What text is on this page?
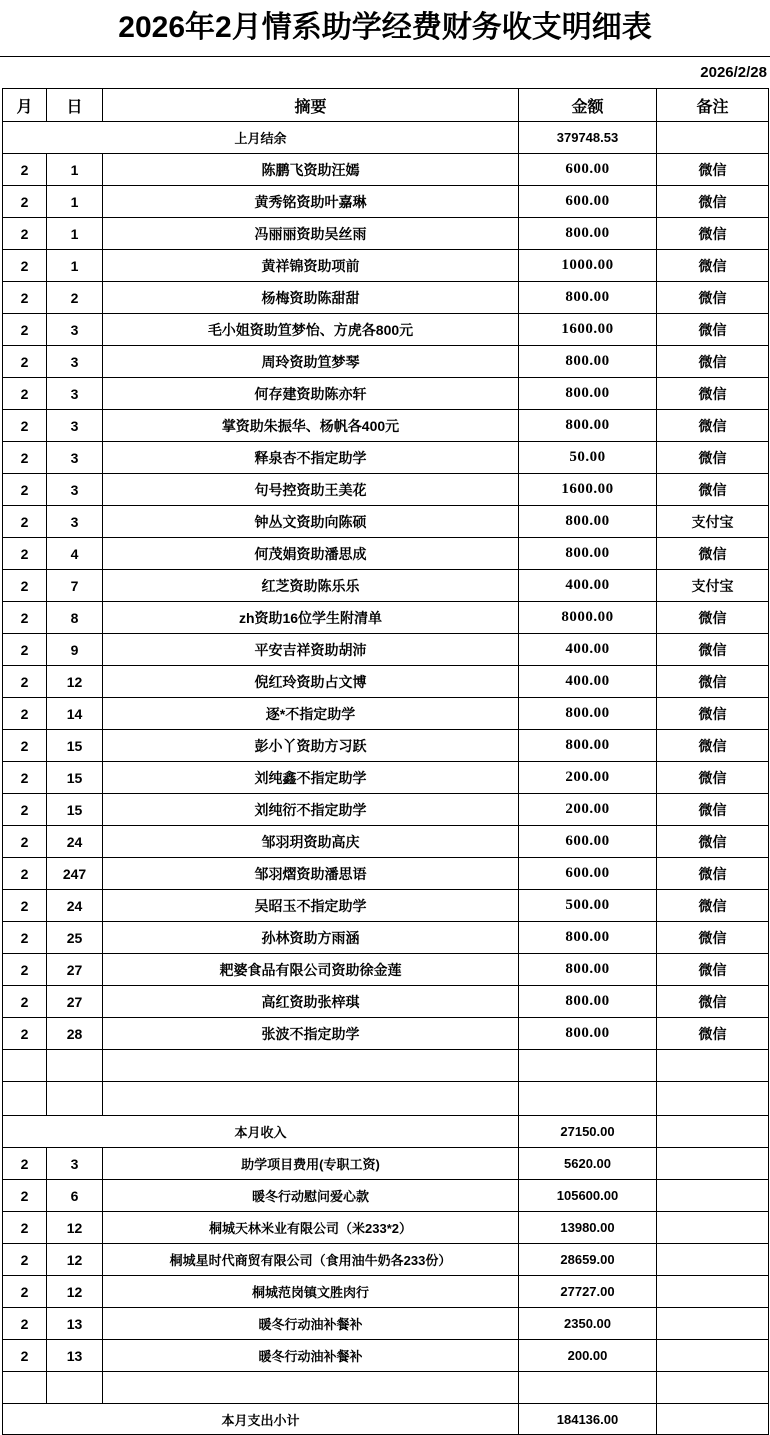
2026年2月情系助学经费财务收支明细表
2026/2/28
月	日	摘要	金额	备注
上月结余			379748.53	
2	1	陈鹏飞资助汪嫣	600.00	微信
2	1	黄秀铭资助叶嘉琳	600.00	微信
2	1	冯丽丽资助吴丝雨	800.00	微信
2	1	黄祥锦资助项前	1000.00	微信
2	2	杨梅资助陈甜甜	800.00	微信
2	3	毛小姐资助笪梦怡、方虎各800元	1600.00	微信
2	3	周玲资助笪梦琴	800.00	微信
2	3	何存建资助陈亦轩	800.00	微信
2	3	掌资助朱振华、杨帆各400元	800.00	微信
2	3	释泉杏不指定助学	50.00	微信
2	3	句号控资助王美花	1600.00	微信
2	3	钟丛文资助向陈硕	800.00	支付宝
2	4	何茂娟资助潘思成	800.00	微信
2	7	红芝资助陈乐乐	400.00	支付宝
2	8	zh资助16位学生附清单	8000.00	微信
2	9	平安吉祥资助胡沛	400.00	微信
2	12	倪红玲资助占文博	400.00	微信
2	14	逐*不指定助学	800.00	微信
2	15	彭小丫资助方习跃	800.00	微信
2	15	刘纯鑫不指定助学	200.00	微信
2	15	刘纯衍不指定助学	200.00	微信
2	24	邹羽玥资助高庆	600.00	微信
2	247	邹羽熠资助潘思语	600.00	微信
2	24	吴昭玉不指定助学	500.00	微信
2	25	孙林资助方雨涵	800.00	微信
2	27	耙婆食品有限公司资助徐金莲	800.00	微信
2	27	高红资助张梓琪	800.00	微信
2	28	张波不指定助学	800.00	微信

本月收入			27150.00	
2	3	助学项目费用(专职工资)	5620.00	
2	6	暖冬行动慰问爱心款	105600.00	
2	12	桐城天林米业有限公司（米233*2）	13980.00	
2	12	桐城星时代商贸有限公司（食用油牛奶各233份）	28659.00	
2	12	桐城范岗镇文胜肉行	27727.00	
2	13	暖冬行动油补餐补	2350.00	
2	13	暖冬行动油补餐补	200.00	

本月支出小计			184136.00	
